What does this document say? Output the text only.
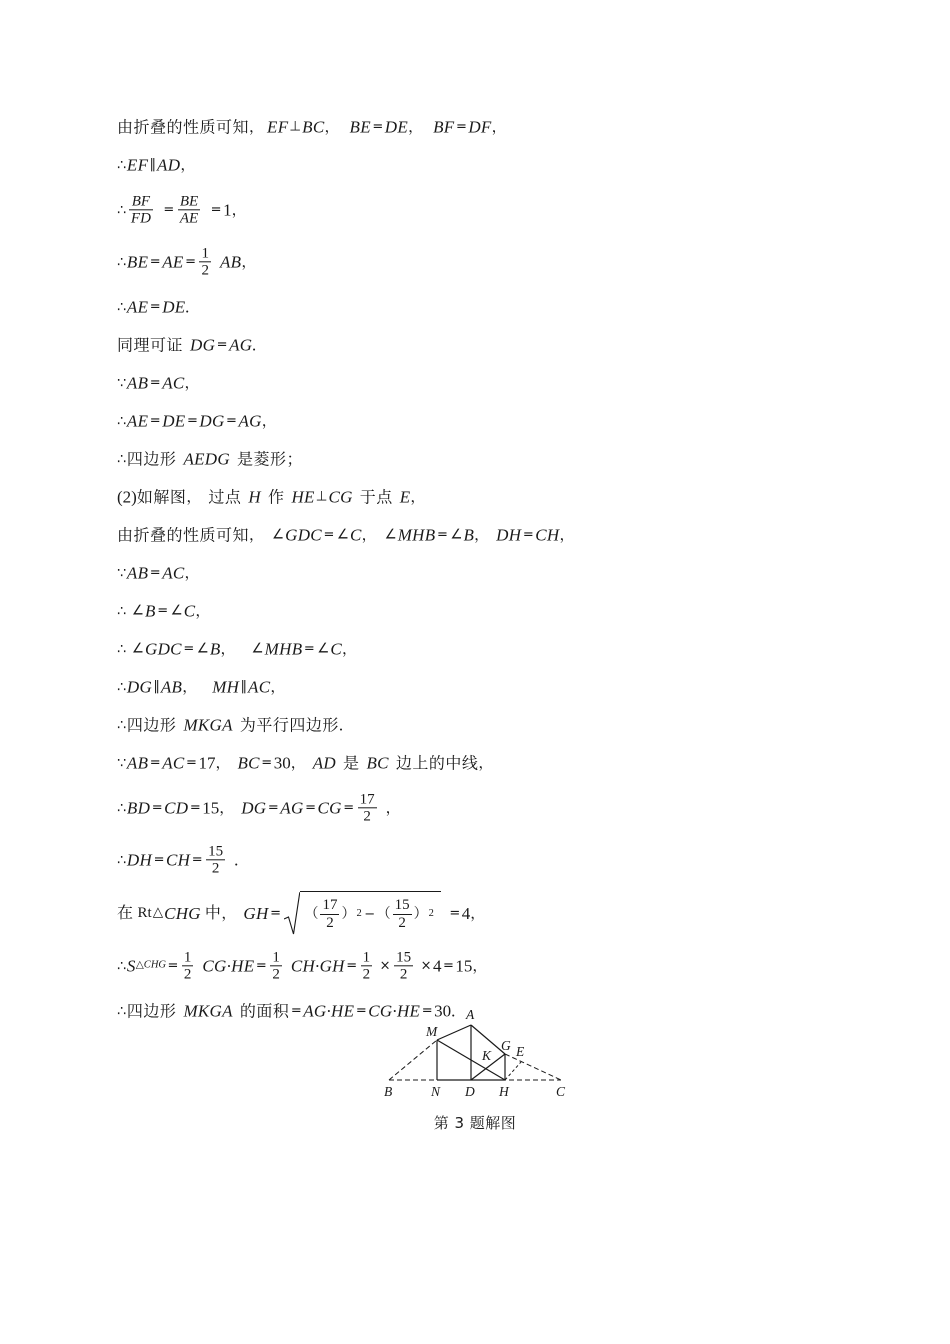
由折叠的性质可知 ， EF ⊥ BC ， BE = DE ， BF = DF ，
∴ EF ∥ AD ，
∴ $\frac{BF}{FD} = \frac{BE}{AE} = 1$ ，
∴ BE = AE = $\frac{1}{2}$ AB ，
∴ AE = DE.
同理可证 DG = AG.
∵ AB = AC ，
∴ AE = DE = DG = AG ，
∴ 四边形 AEDG 是菱形；
(2) 如解图 ， 过点 H 作 HE ⊥ CG 于点 E ，
由折叠的性质可知 ， ∠ GDC = ∠ C ， ∠ MHB = ∠ B ， DH = CH ，
∵ AB = AC ，
∴ ∠ B = ∠ C ，
∴ ∠ GDC = ∠ B ， ∠ MHB = ∠ C ，
∴ DG ∥ AB ， MH ∥ AC ，
∴ 四边形 MKGA 为平行四边形 .
∵ AB = AC = 17 ， BC = 30 ， AD 是 BC 边上的中线 ，
∴ BD = CD = 15 ， DG = AG = CG = $\frac{17}{2}$ ，
∴ DH = CH = $\frac{15}{2}$ .
在 Rt △ CHG 中 ， GH = （ $\frac{17}{2}$ ） 2 − （ $\frac{15}{2}$ ） 2 = 4 ，
∴ S △CHG = $\frac{1}{2} CG\cdot HE = \frac{1}{2} CH\cdot GH = \frac{1}{2} \times \frac{15}{2} \times 4 = 15$ ，
∴ 四边形 MKGA 的面积 = AG·HE = CG·HE = 30. A
M
G E
K
B	N D H	C
第 3 题解图
